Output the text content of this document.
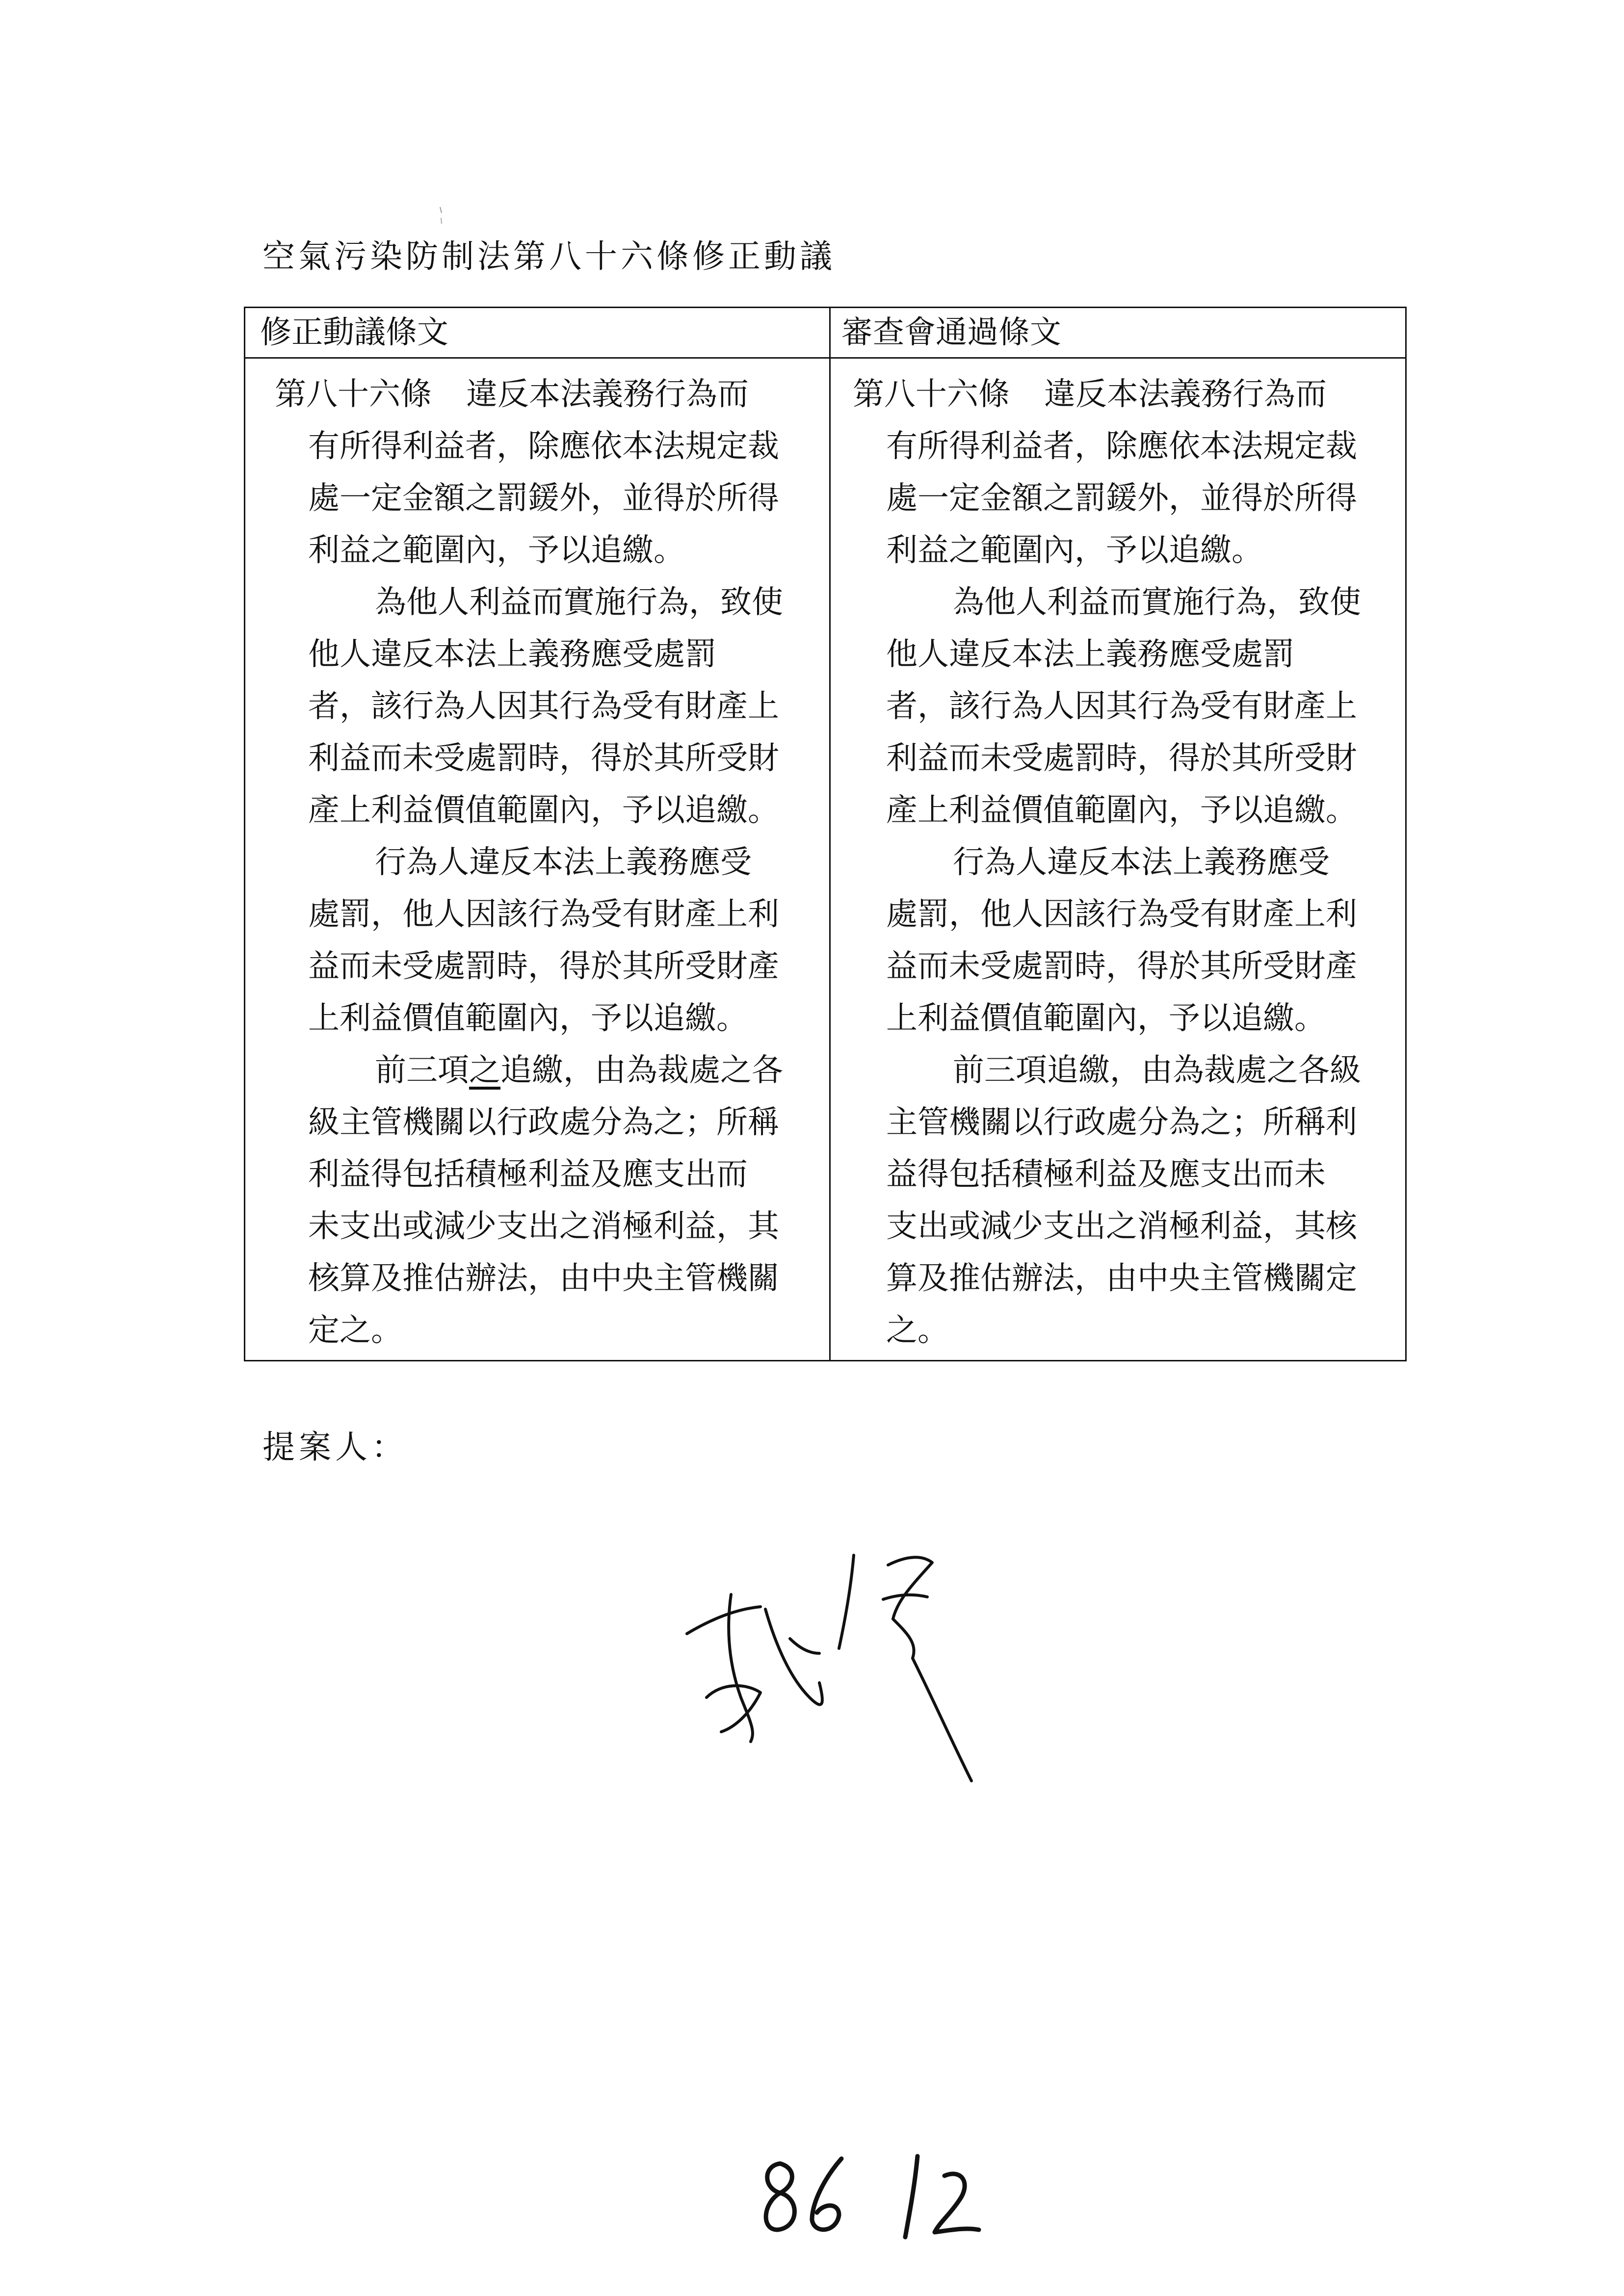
空氣污染防制法第八十六條修正動議
修正動議條文	審查會通過條文
第八十六條 違反本法義務行為而
有所得利益者，除應依本法規定裁
處一定金額之罰鍰外，並得於所得
利益之範圍內，予以追繳。
為他人利益而實施行為，致使
他人違反本法上義務應受處罰
者，該行為人因其行為受有財產上
利益而未受處罰時，得於其所受財
產上利益價值範圍內，予以追繳。
行為人違反本法上義務應受
處罰，他人因該行為受有財產上利
益而未受處罰時，得於其所受財產
上利益價值範圍內，予以追繳。
前三項之追繳，由為裁處之各
級主管機關以行政處分為之；所稱
利益得包括積極利益及應支出而
未支出或減少支出之消極利益，其
核算及推估辦法，由中央主管機關
定之。
第八十六條 違反本法義務行為而
有所得利益者，除應依本法規定裁
處一定金額之罰鍰外，並得於所得
利益之範圍內，予以追繳。
為他人利益而實施行為，致使
他人違反本法上義務應受處罰
者，該行為人因其行為受有財產上
利益而未受處罰時，得於其所受財
產上利益價值範圍內，予以追繳。
行為人違反本法上義務應受
處罰，他人因該行為受有財產上利
益而未受處罰時，得於其所受財產
上利益價值範圍內，予以追繳。
前三項追繳，由為裁處之各級
主管機關以行政處分為之；所稱利
益得包括積極利益及應支出而未
支出或減少支出之消極利益，其核
算及推估辦法，由中央主管機關定
之。
提案人：
